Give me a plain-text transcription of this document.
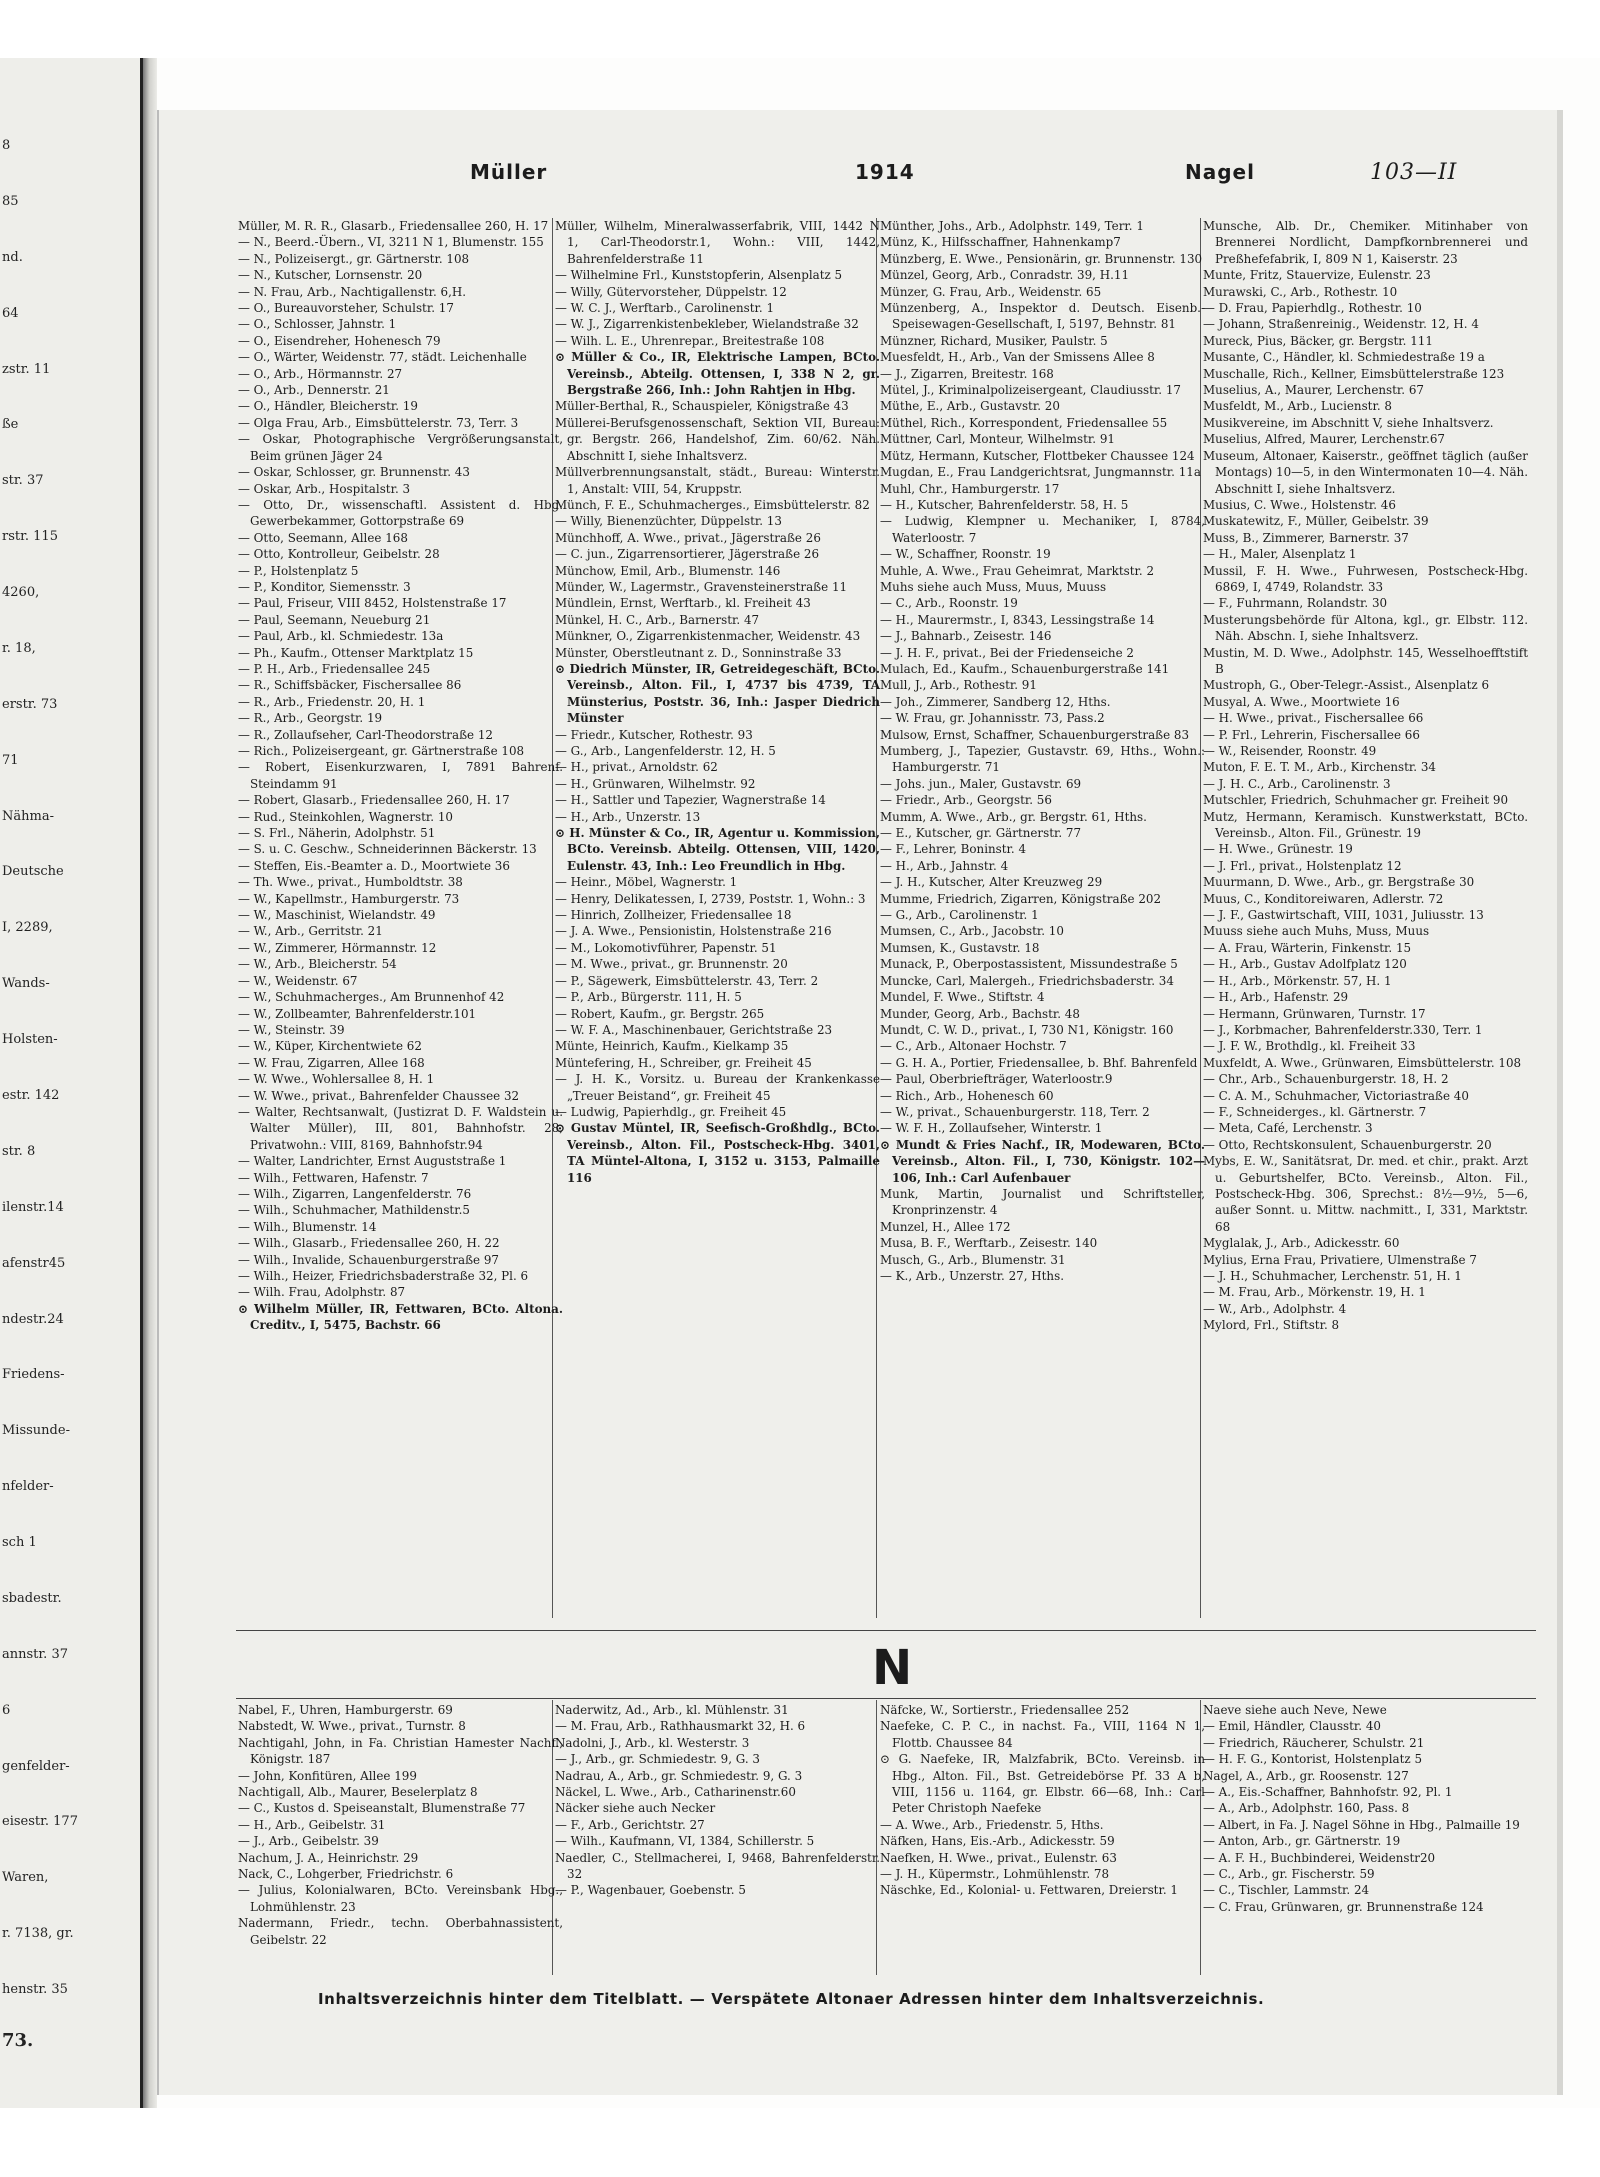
8
85
nd.
64
zstr. 11
ße
str. 37
rstr. 115
4260,
r. 18,
erstr. 73
71
Nähma-
Deutsche
I, 2289,
Wands-
Holsten-
estr. 142
str. 8
ilenstr.14
afenstr45
ndestr.24
Friedens-
Missunde-
nfelder-
sch 1
sbadestr.
annstr. 37
6
genfelder-
eisestr. 177
Waren,
r. 7138, gr.
henstr. 35
73.
Müller	1914	Nagel	103—II

Müller, M. R. R., Glasarb., Friedensallee 260, H. 17

— N., Beerd.-Übern., VI, 3211 N 1, Blumenstr. 155

— N., Polizeisergt., gr. Gärtnerstr. 108

— N., Kutscher, Lornsenstr. 20

— N. Frau, Arb., Nachtigallenstr. 6,H.

— O., Bureauvorsteher, Schulstr. 17

— O., Schlosser, Jahnstr. 1

— O., Eisendreher, Hohenesch 79

— O., Wärter, Weidenstr. 77, städt. Leichenhalle

— O., Arb., Hörmannstr. 27

— O., Arb., Dennerstr. 21

— O., Händler, Bleicherstr. 19

— Olga Frau, Arb., Eimsbüttelerstr. 73, Terr. 3

— Oskar, Photographische Vergrößerungsanstalt, Beim grünen Jäger 24

— Oskar, Schlosser, gr. Brunnenstr. 43

— Oskar, Arb., Hospitalstr. 3

— Otto, Dr., wissenschaftl. Assistent d. Hbg. Gewerbekammer, Gottorpstraße 69

— Otto, Seemann, Allee 168

— Otto, Kontrolleur, Geibelstr. 28

— P., Holstenplatz 5

— P., Konditor, Siemensstr. 3

— Paul, Friseur, VIII 8452, Holstenstraße 17

— Paul, Seemann, Neueburg 21

— Paul, Arb., kl. Schmiedestr. 13a

— Ph., Kaufm., Ottenser Marktplatz 15

— P. H., Arb., Friedensallee 245

— R., Schiffsbäcker, Fischersallee 86

— R., Arb., Friedenstr. 20, H. 1

— R., Arb., Georgstr. 19

— R., Zollaufseher, Carl-Theodorstraße 12

— Rich., Polizeisergeant, gr. Gärtnerstraße 108

— Robert, Eisenkurzwaren, I, 7891 Bahrenf. Steindamm 91

— Robert, Glasarb., Friedensallee 260, H. 17

— Rud., Steinkohlen, Wagnerstr. 10

— S. Frl., Näherin, Adolphstr. 51

— S. u. C. Geschw., Schneiderinnen Bäckerstr. 13

— Steffen, Eis.-Beamter a. D., Moortwiete 36

— Th. Wwe., privat., Humboldtstr. 38

— W., Kapellmstr., Hamburgerstr. 73

— W., Maschinist, Wielandstr. 49

— W., Arb., Gerritstr. 21

— W., Zimmerer, Hörmannstr. 12

— W., Arb., Bleicherstr. 54

— W., Weidenstr. 67

— W., Schuhmacherges., Am Brunnenhof 42

— W., Zollbeamter, Bahrenfelderstr.101

— W., Steinstr. 39

— W., Küper, Kirchentwiete 62

— W. Frau, Zigarren, Allee 168

— W. Wwe., Wohlersallee 8, H. 1

— W. Wwe., privat., Bahrenfelder Chaussee 32

— Walter, Rechtsanwalt, (Justizrat D. F. Waldstein u. Walter Müller), III, 801, Bahnhofstr. 28, Privatwohn.: VIII, 8169, Bahnhofstr.94

— Walter, Landrichter, Ernst Auguststraße 1

— Wilh., Fettwaren, Hafenstr. 7

— Wilh., Zigarren, Langenfelderstr. 76

— Wilh., Schuhmacher, Mathildenstr.5

— Wilh., Blumenstr. 14

— Wilh., Glasarb., Friedensallee 260, H. 22

— Wilh., Invalide, Schauenburgerstraße 97

— Wilh., Heizer, Friedrichsbaderstraße 32, Pl. 6

— Wilh. Frau, Adolphstr. 87

⊙ Wilhelm Müller, IR, Fettwaren, BCto. Altona. Creditv., I, 5475, Bachstr. 66

Müller, Wilhelm, Mineralwasserfabrik, VIII, 1442 N 1, Carl-Theodorstr.1, Wohn.: VIII, 1442, Bahrenfelderstraße 11

— Wilhelmine Frl., Kunststopferin, Alsenplatz 5

— Willy, Gütervorsteher, Düppelstr. 12

— W. C. J., Werftarb., Carolinenstr. 1

— W. J., Zigarrenkistenbekleber, Wielandstraße 32

— Wilh. L. E., Uhrenrepar., Breitestraße 108

⊙ Müller & Co., IR, Elektrische Lampen, BCto. Vereinsb., Abteilg. Ottensen, I, 338 N 2, gr. Bergstraße 266, Inh.: John Rahtjen in Hbg.

Müller-Berthal, R., Schauspieler, Königstraße 43

Müllerei-Berufsgenossenschaft, Sektion VII, Bureau: gr. Bergstr. 266, Handelshof, Zim. 60/62. Näh. Abschnitt I, siehe Inhaltsverz.

Müllverbrennungsanstalt, städt., Bureau: Winterstr. 1, Anstalt: VIII, 54, Kruppstr.

Münch, F. E., Schuhmacherges., Eimsbüttelerstr. 82

— Willy, Bienenzüchter, Düppelstr. 13

Münchhoff, A. Wwe., privat., Jägerstraße 26

— C. jun., Zigarrensortierer, Jägerstraße 26

Münchow, Emil, Arb., Blumenstr. 146

Münder, W., Lagermstr., Gravensteinerstraße 11

Mündlein, Ernst, Werftarb., kl. Freiheit 43

Münkel, H. C., Arb., Barnerstr. 47

Münkner, O., Zigarrenkistenmacher, Weidenstr. 43

Münster, Oberstleutnant z. D., Sonninstraße 33

⊙ Diedrich Münster, IR, Getreidegeschäft, BCto. Vereinsb., Alton. Fil., I, 4737 bis 4739, TA Münsterius, Poststr. 36, Inh.: Jasper Diedrich Münster

— Friedr., Kutscher, Rothestr. 93

— G., Arb., Langenfelderstr. 12, H. 5

— H., privat., Arnoldstr. 62

— H., Grünwaren, Wilhelmstr. 92

— H., Sattler und Tapezier, Wagnerstraße 14

— H., Arb., Unzerstr. 13

⊙ H. Münster & Co., IR, Agentur u. Kommission, BCto. Vereinsb. Abteilg. Ottensen, VIII, 1420, Eulenstr. 43, Inh.: Leo Freundlich in Hbg.

— Heinr., Möbel, Wagnerstr. 1

— Henry, Delikatessen, I, 2739, Poststr. 1, Wohn.: 3

— Hinrich, Zollheizer, Friedensallee 18

— J. A. Wwe., Pensionistin, Holstenstraße 216

— M., Lokomotivführer, Papenstr. 51

— M. Wwe., privat., gr. Brunnenstr. 20

— P., Sägewerk, Eimsbüttelerstr. 43, Terr. 2

— P., Arb., Bürgerstr. 111, H. 5

— Robert, Kaufm., gr. Bergstr. 265

— W. F. A., Maschinenbauer, Gerichtstraße 23

Münte, Heinrich, Kaufm., Kielkamp 35

Müntefering, H., Schreiber, gr. Freiheit 45

— J. H. K., Vorsitz. u. Bureau der Krankenkasse „Treuer Beistand“, gr. Freiheit 45

— Ludwig, Papierhdlg., gr. Freiheit 45

⊙ Gustav Müntel, IR, Seefisch-Großhdlg., BCto. Vereinsb., Alton. Fil., Postscheck-Hbg. 3401, TA Müntel-Altona, I, 3152 u. 3153, Palmaille 116

Münther, Johs., Arb., Adolphstr. 149, Terr. 1

Münz, K., Hilfsschaffner, Hahnenkamp7

Münzberg, E. Wwe., Pensionärin, gr. Brunnenstr. 130

Münzel, Georg, Arb., Conradstr. 39, H.11

Münzer, G. Frau, Arb., Weidenstr. 65

Münzenberg, A., Inspektor d. Deutsch. Eisenb.-Speisewagen-Gesellschaft, I, 5197, Behnstr. 81

Münzner, Richard, Musiker, Paulstr. 5

Muesfeldt, H., Arb., Van der Smissens Allee 8

— J., Zigarren, Breitestr. 168

Mütel, J., Kriminalpolizeisergeant, Claudiusstr. 17

Müthe, E., Arb., Gustavstr. 20

Müthel, Rich., Korrespondent, Friedensallee 55

Müttner, Carl, Monteur, Wilhelmstr. 91

Mütz, Hermann, Kutscher, Flottbeker Chaussee 124

Mugdan, E., Frau Landgerichtsrat, Jungmannstr. 11a

Muhl, Chr., Hamburgerstr. 17

— H., Kutscher, Bahrenfelderstr. 58, H. 5

— Ludwig, Klempner u. Mechaniker, I, 8784, Waterloostr. 7

— W., Schaffner, Roonstr. 19

Muhle, A. Wwe., Frau Geheimrat, Marktstr. 2

Muhs siehe auch Muss, Muus, Muuss

— C., Arb., Roonstr. 19

— H., Maurermstr., I, 8343, Lessingstraße 14

— J., Bahnarb., Zeisestr. 146

— J. H. F., privat., Bei der Friedenseiche 2

Mulach, Ed., Kaufm., Schauenburgerstraße 141

Mull, J., Arb., Rothestr. 91

— Joh., Zimmerer, Sandberg 12, Hths.

— W. Frau, gr. Johannisstr. 73, Pass.2

Mulsow, Ernst, Schaffner, Schauenburgerstraße 83

Mumberg, J., Tapezier, Gustavstr. 69, Hths., Wohn.: Hamburgerstr. 71

— Johs. jun., Maler, Gustavstr. 69

— Friedr., Arb., Georgstr. 56

Mumm, A. Wwe., Arb., gr. Bergstr. 61, Hths.

— E., Kutscher, gr. Gärtnerstr. 77

— F., Lehrer, Boninstr. 4

— H., Arb., Jahnstr. 4

— J. H., Kutscher, Alter Kreuzweg 29

Mumme, Friedrich, Zigarren, Königstraße 202

— G., Arb., Carolinenstr. 1

Mumsen, C., Arb., Jacobstr. 10

Mumsen, K., Gustavstr. 18

Munack, P., Oberpostassistent, Missundestraße 5

Muncke, Carl, Malergeh., Friedrichsbaderstr. 34

Mundel, F. Wwe., Stiftstr. 4

Munder, Georg, Arb., Bachstr. 48

Mundt, C. W. D., privat., I, 730 N1, Königstr. 160

— C., Arb., Altonaer Hochstr. 7

— G. H. A., Portier, Friedensallee, b. Bhf. Bahrenfeld

— Paul, Oberbriefträger, Waterloostr.9

— Rich., Arb., Hohenesch 60

— W., privat., Schauenburgerstr. 118, Terr. 2

— W. F. H., Zollaufseher, Winterstr. 1

⊙ Mundt & Fries Nachf., IR, Modewaren, BCto. Vereinsb., Alton. Fil., I, 730, Königstr. 102—106, Inh.: Carl Aufenbauer

Munk, Martin, Journalist und Schriftsteller, Kronprinzenstr. 4

Munzel, H., Allee 172

Musa, B. F., Werftarb., Zeisestr. 140

Musch, G., Arb., Blumenstr. 31

— K., Arb., Unzerstr. 27, Hths.

Munsche, Alb. Dr., Chemiker. Mitinhaber von Brennerei Nordlicht, Dampfkornbrennerei und Preßhefefabrik, I, 809 N 1, Kaiserstr. 23

Munte, Fritz, Stauervize, Eulenstr. 23

Murawski, C., Arb., Rothestr. 10

— D. Frau, Papierhdlg., Rothestr. 10

— Johann, Straßenreinig., Weidenstr. 12, H. 4

Mureck, Pius, Bäcker, gr. Bergstr. 111

Musante, C., Händler, kl. Schmiedestraße 19 a

Muschalle, Rich., Kellner, Eimsbüttelerstraße 123

Muselius, A., Maurer, Lerchenstr. 67

Musfeldt, M., Arb., Lucienstr. 8

Musikvereine, im Abschnitt V, siehe Inhaltsverz.

Muselius, Alfred, Maurer, Lerchenstr.67

Museum, Altonaer, Kaiserstr., geöffnet täglich (außer Montags) 10—5, in den Wintermonaten 10—4. Näh. Abschnitt I, siehe Inhaltsverz.

Musius, C. Wwe., Holstenstr. 46

Muskatewitz, F., Müller, Geibelstr. 39

Muss, B., Zimmerer, Barnerstr. 37

— H., Maler, Alsenplatz 1

Mussil, F. H. Wwe., Fuhrwesen, Postscheck-Hbg. 6869, I, 4749, Rolandstr. 33

— F., Fuhrmann, Rolandstr. 30

Musterungsbehörde für Altona, kgl., gr. Elbstr. 112. Näh. Abschn. I, siehe Inhaltsverz.

Mustin, M. D. Wwe., Adolphstr. 145, Wesselhoefftstift B

Mustroph, G., Ober-Telegr.-Assist., Alsenplatz 6

Musyal, A. Wwe., Moortwiete 16

— H. Wwe., privat., Fischersallee 66

— P. Frl., Lehrerin, Fischersallee 66

— W., Reisender, Roonstr. 49

Muton, F. E. T. M., Arb., Kirchenstr. 34

— J. H. C., Arb., Carolinenstr. 3

Mutschler, Friedrich, Schuhmacher gr. Freiheit 90

Mutz, Hermann, Keramisch. Kunstwerkstatt, BCto. Vereinsb., Alton. Fil., Grünestr. 19

— H. Wwe., Grünestr. 19

— J. Frl., privat., Holstenplatz 12

Muurmann, D. Wwe., Arb., gr. Bergstraße 30

Muus, C., Konditoreiwaren, Adlerstr. 72

— J. F., Gastwirtschaft, VIII, 1031, Juliusstr. 13

Muuss siehe auch Muhs, Muss, Muus

— A. Frau, Wärterin, Finkenstr. 15

— H., Arb., Gustav Adolfplatz 120

— H., Arb., Mörkenstr. 57, H. 1

— H., Arb., Hafenstr. 29

— Hermann, Grünwaren, Turnstr. 17

— J., Korbmacher, Bahrenfelderstr.330, Terr. 1

— J. F. W., Brothdlg., kl. Freiheit 33

Muxfeldt, A. Wwe., Grünwaren, Eimsbüttelerstr. 108

— Chr., Arb., Schauenburgerstr. 18, H. 2

— C. A. M., Schuhmacher, Victoriastraße 40

— F., Schneiderges., kl. Gärtnerstr. 7

— Meta, Café, Lerchenstr. 3

— Otto, Rechtskonsulent, Schauenburgerstr. 20

Mybs, E. W., Sanitätsrat, Dr. med. et chir., prakt. Arzt u. Geburtshelfer, BCto. Vereinsb., Alton. Fil., Postscheck-Hbg. 306, Sprechst.: 8½—9½, 5—6, außer Sonnt. u. Mittw. nachmitt., I, 331, Marktstr. 68

Myglalak, J., Arb., Adickesstr. 60

Mylius, Erna Frau, Privatiere, Ulmenstraße 7

— J. H., Schuhmacher, Lerchenstr. 51, H. 1

— M. Frau, Arb., Mörkenstr. 19, H. 1

— W., Arb., Adolphstr. 4

Mylord, Frl., Stiftstr. 8

N

Nabel, F., Uhren, Hamburgerstr. 69

Nabstedt, W. Wwe., privat., Turnstr. 8

Nachtigahl, John, in Fa. Christian Hamester Nachf., Königstr. 187

— John, Konfitüren, Allee 199

Nachtigall, Alb., Maurer, Beselerplatz 8

— C., Kustos d. Speiseanstalt, Blumenstraße 77

— H., Arb., Geibelstr. 31

— J., Arb., Geibelstr. 39

Nachum, J. A., Heinrichstr. 29

Nack, C., Lohgerber, Friedrichstr. 6

— Julius, Kolonialwaren, BCto. Vereinsbank Hbg., Lohmühlenstr. 23

Nadermann, Friedr., techn. Oberbahnassistent, Geibelstr. 22

Naderwitz, Ad., Arb., kl. Mühlenstr. 31

— M. Frau, Arb., Rathhausmarkt 32, H. 6

Nadolni, J., Arb., kl. Westerstr. 3

— J., Arb., gr. Schmiedestr. 9, G. 3

Nadrau, A., Arb., gr. Schmiedestr. 9, G. 3

Näckel, L. Wwe., Arb., Catharinenstr.60

Näcker siehe auch Necker

— F., Arb., Gerichtstr. 27

— Wilh., Kaufmann, VI, 1384, Schillerstr. 5

Naedler, C., Stellmacherei, I, 9468, Bahrenfelderstr. 32

— P., Wagenbauer, Goebenstr. 5

Näfcke, W., Sortierstr., Friedensallee 252

Naefeke, C. P. C., in nachst. Fa., VIII, 1164 N 1, Flottb. Chaussee 84

⊙ G. Naefeke, IR, Malzfabrik, BCto. Vereinsb. in Hbg., Alton. Fil., Bst. Getreidebörse Pf. 33 A b, VIII, 1156 u. 1164, gr. Elbstr. 66—68, Inh.: Carl Peter Christoph Naefeke

— A. Wwe., Arb., Friedenstr. 5, Hths.

Näfken, Hans, Eis.-Arb., Adickesstr. 59

Naefken, H. Wwe., privat., Eulenstr. 63

— J. H., Küpermstr., Lohmühlenstr. 78

Näschke, Ed., Kolonial- u. Fettwaren, Dreierstr. 1

Naeve siehe auch Neve, Newe

— Emil, Händler, Clausstr. 40

— Friedrich, Räucherer, Schulstr. 21

— H. F. G., Kontorist, Holstenplatz 5

Nagel, A., Arb., gr. Roosenstr. 127

— A., Eis.-Schaffner, Bahnhofstr. 92, Pl. 1

— A., Arb., Adolphstr. 160, Pass. 8

— Albert, in Fa. J. Nagel Söhne in Hbg., Palmaille 19

— Anton, Arb., gr. Gärtnerstr. 19

— A. F. H., Buchbinderei, Weidenstr20

— C., Arb., gr. Fischerstr. 59

— C., Tischler, Lammstr. 24

— C. Frau, Grünwaren, gr. Brunnenstraße 124

Inhaltsverzeichnis hinter dem Titelblatt. — Verspätete Altonaer Adressen hinter dem Inhaltsverzeichnis.
